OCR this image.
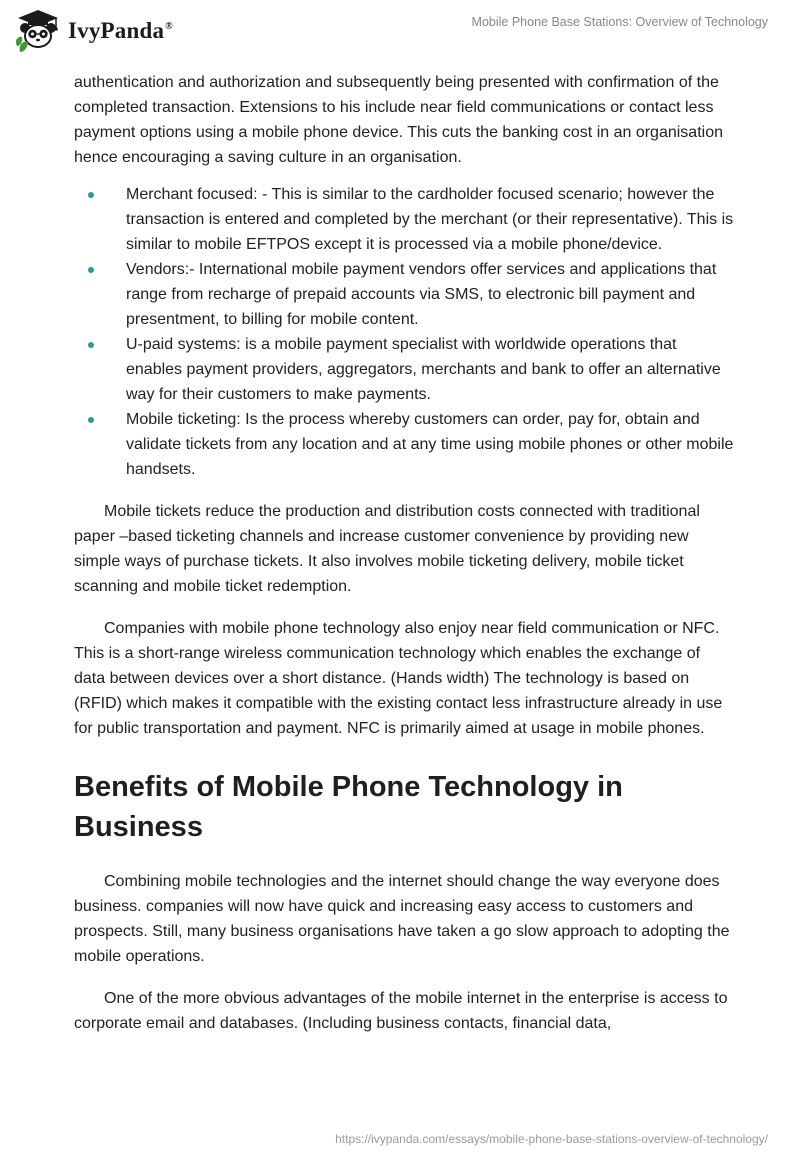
IvyPanda®	Mobile Phone Base Stations: Overview of Technology

authentication and authorization and subsequently being presented with confirmation of the completed transaction. Extensions to his include near field communications or contact less payment options using a mobile phone device. This cuts the banking cost in an organisation hence encouraging a saving culture in an organisation.

Merchant focused: - This is similar to the cardholder focused scenario; however the transaction is entered and completed by the merchant (or their representative). This is similar to mobile EFTPOS except it is processed via a mobile phone/device.
Vendors:- International mobile payment vendors offer services and applications that range from recharge of prepaid accounts via SMS, to electronic bill payment and presentment, to billing for mobile content.
U-paid systems: is a mobile payment specialist with worldwide operations that enables payment providers, aggregators, merchants and bank to offer an alternative way for their customers to make payments.
Mobile ticketing: Is the process whereby customers can order, pay for, obtain and validate tickets from any location and at any time using mobile phones or other mobile handsets.

Mobile tickets reduce the production and distribution costs connected with traditional paper –based ticketing channels and increase customer convenience by providing new simple ways of purchase tickets. It also involves mobile ticketing delivery, mobile ticket scanning and mobile ticket redemption.

Companies with mobile phone technology also enjoy near field communication or NFC. This is a short-range wireless communication technology which enables the exchange of data between devices over a short distance. (Hands width) The technology is based on (RFID) which makes it compatible with the existing contact less infrastructure already in use for public transportation and payment. NFC is primarily aimed at usage in mobile phones.

Benefits of Mobile Phone Technology in Business

Combining mobile technologies and the internet should change the way everyone does business. companies will now have quick and increasing easy access to customers and prospects. Still, many business organisations have taken a go slow approach to adopting the mobile operations.

One of the more obvious advantages of the mobile internet in the enterprise is access to corporate email and databases. (Including business contacts, financial data,

https://ivypanda.com/essays/mobile-phone-base-stations-overview-of-technology/
